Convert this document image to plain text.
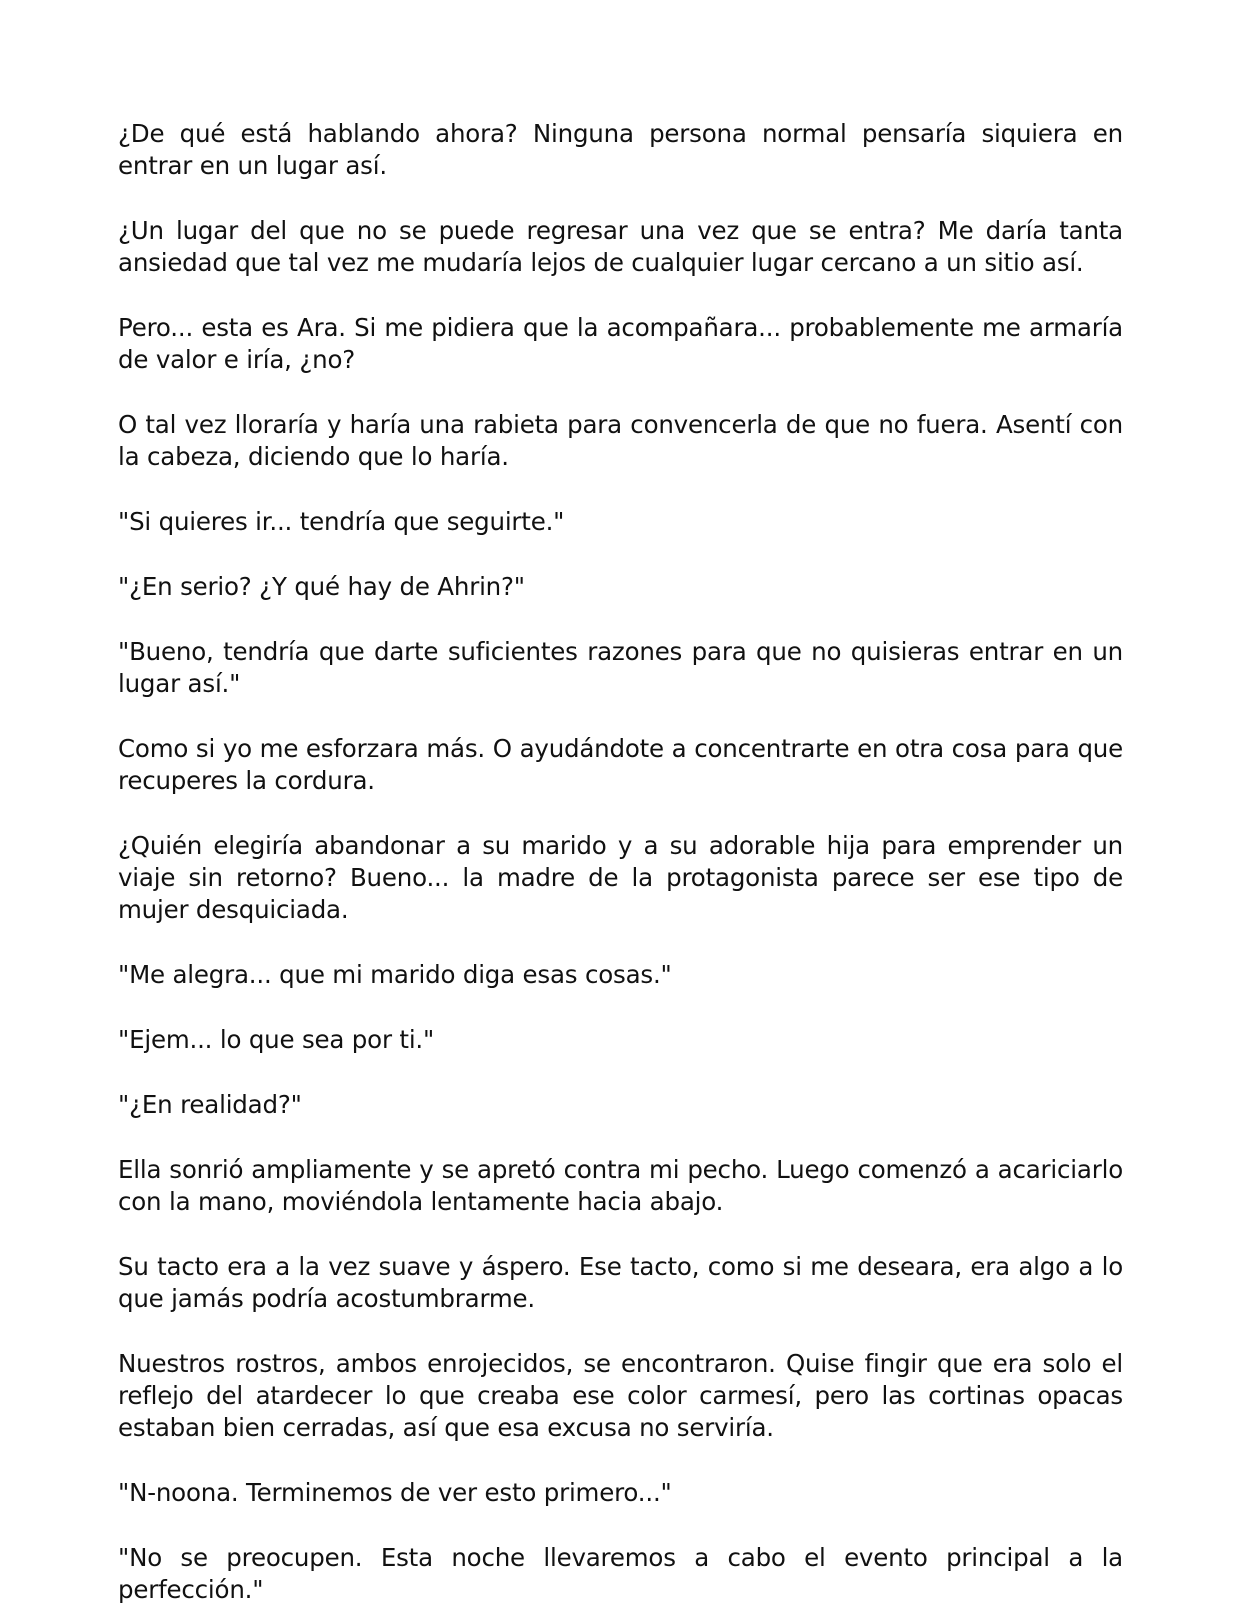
¿De qué está hablando ahora? Ninguna persona normal pensaría siquiera en entrar en un lugar así.

¿Un lugar del que no se puede regresar una vez que se entra? Me daría tanta ansiedad que tal vez me mudaría lejos de cualquier lugar cercano a un sitio así.

Pero... esta es Ara. Si me pidiera que la acompañara... probablemente me armaría de valor e iría, ¿no?

O tal vez lloraría y haría una rabieta para convencerla de que no fuera. Asentí con la cabeza, diciendo que lo haría.

"Si quieres ir... tendría que seguirte."

"¿En serio? ¿Y qué hay de Ahrin?"

"Bueno, tendría que darte suficientes razones para que no quisieras entrar en un lugar así."

Como si yo me esforzara más. O ayudándote a concentrarte en otra cosa para que recuperes la cordura.

¿Quién elegiría abandonar a su marido y a su adorable hija para emprender un viaje sin retorno? Bueno... la madre de la protagonista parece ser ese tipo de mujer desquiciada.

"Me alegra... que mi marido diga esas cosas."

"Ejem... lo que sea por ti."

"¿En realidad?"

Ella sonrió ampliamente y se apretó contra mi pecho. Luego comenzó a acariciarlo con la mano, moviéndola lentamente hacia abajo.

Su tacto era a la vez suave y áspero. Ese tacto, como si me deseara, era algo a lo que jamás podría acostumbrarme.

Nuestros rostros, ambos enrojecidos, se encontraron. Quise fingir que era solo el reflejo del atardecer lo que creaba ese color carmesí, pero las cortinas opacas estaban bien cerradas, así que esa excusa no serviría.

"N-noona. Terminemos de ver esto primero..."

"No se preocupen. Esta noche llevaremos a cabo el evento principal a la perfección."
